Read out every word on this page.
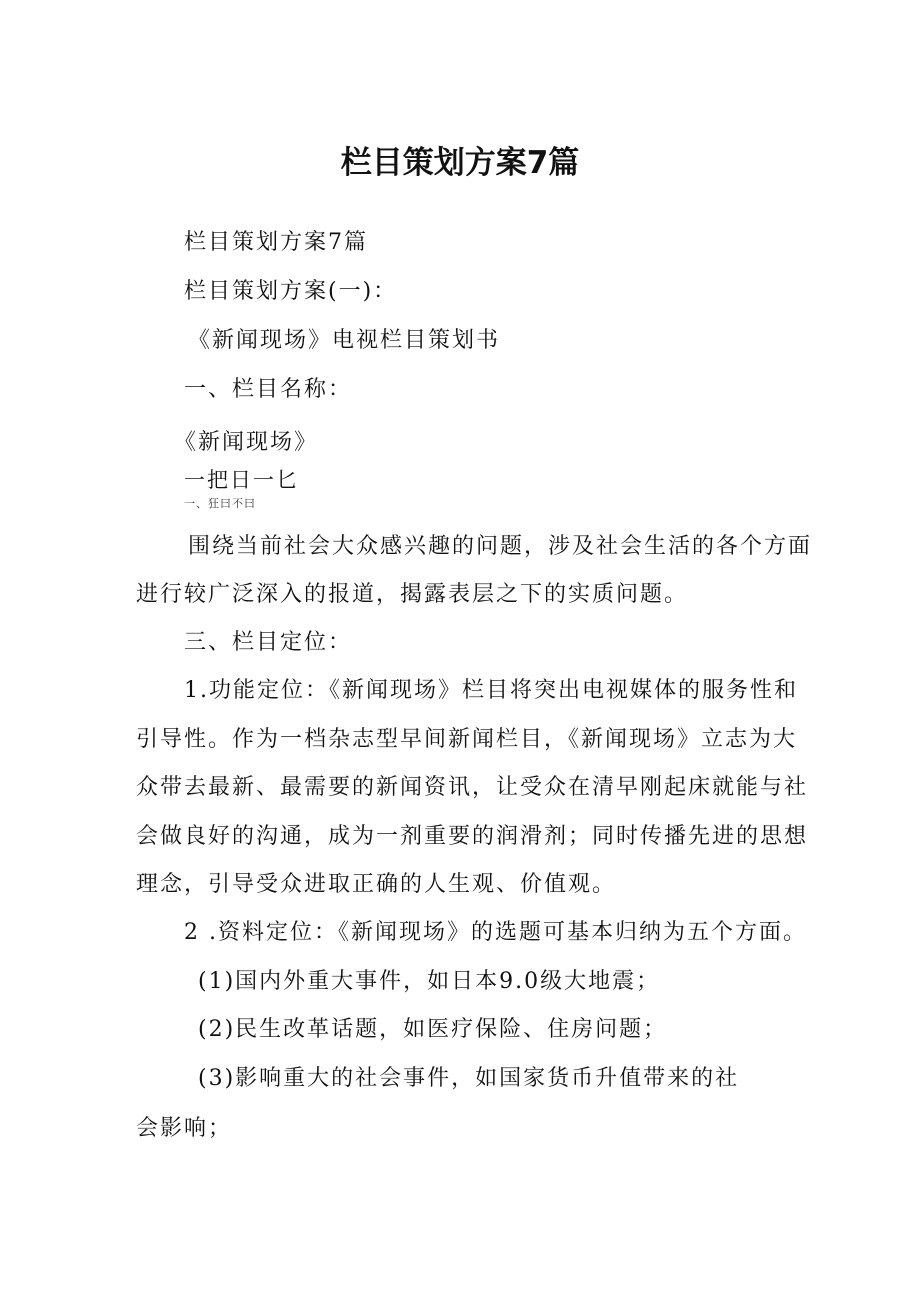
栏目策划方案7篇
栏目策划方案7篇
栏目策划方案(一)：
《新闻现场》电视栏目策划书
一、栏目名称：
《新闻现场》
一把日一匕
一、狂曰不曰
围绕当前社会大众感兴趣的问题，涉及社会生活的各个方面
进行较广泛深入的报道，揭露表层之下的实质问题。
三、栏目定位：
1.功能定位：《新闻现场》栏目将突出电视媒体的服务性和
引导性。作为一档杂志型早间新闻栏目，《新闻现场》立志为大
众带去最新、最需要的新闻资讯，让受众在清早刚起床就能与社
会做良好的沟通，成为一剂重要的润滑剂；同时传播先进的思想
理念，引导受众进取正确的人生观、价值观。
2 .资料定位：《新闻现场》的选题可基本归纳为五个方面。
(1)国内外重大事件，如日本9.0级大地震；
(2)民生改革话题，如医疗保险、住房问题；
(3)影响重大的社会事件，如国家货币升值带来的社
会影响；
